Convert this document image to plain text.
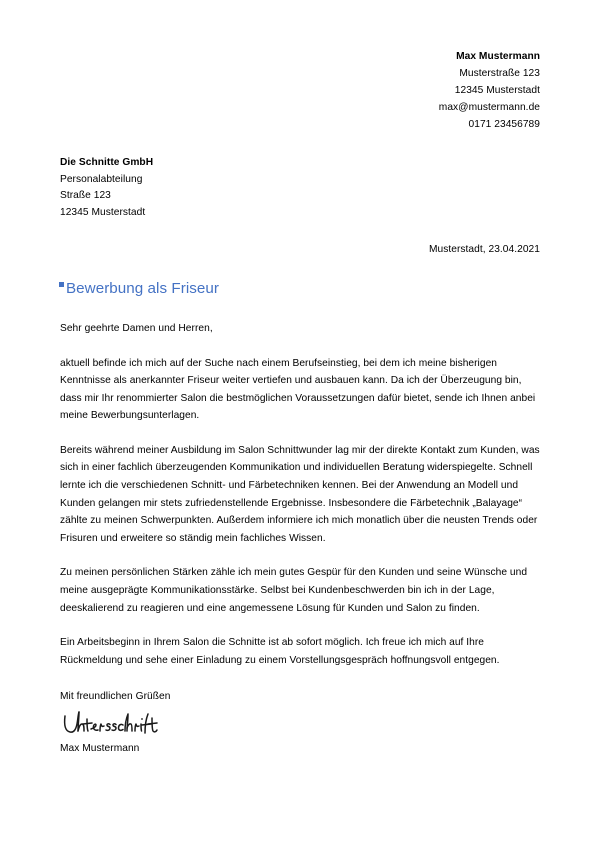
Max Mustermann
Musterstraße 123
12345 Musterstadt
max@mustermann.de
0171 23456789
Die Schnitte GmbH
Personalabteilung
Straße 123
12345 Musterstadt
Musterstadt, 23.04.2021
Bewerbung als Friseur
Sehr geehrte Damen und Herren,

aktuell befinde ich mich auf der Suche nach einem Berufseinstieg, bei dem ich meine bisherigen Kenntnisse als anerkannter Friseur weiter vertiefen und ausbauen kann. Da ich der Überzeugung bin, dass mir Ihr renommierter Salon die bestmöglichen Voraussetzungen dafür bietet, sende ich Ihnen anbei meine Bewerbungsunterlagen.

Bereits während meiner Ausbildung im Salon Schnittwunder lag mir der direkte Kontakt zum Kunden, was sich in einer fachlich überzeugenden Kommunikation und individuellen Beratung widerspiegelte. Schnell lernte ich die verschiedenen Schnitt- und Färbetechniken kennen. Bei der Anwendung an Modell und Kunden gelangen mir stets zufriedenstellende Ergebnisse. Insbesondere die Färbetechnik „Balayage“ zählte zu meinen Schwerpunkten. Außerdem informiere ich mich monatlich über die neusten Trends oder Frisuren und erweitere so ständig mein fachliches Wissen.

Zu meinen persönlichen Stärken zähle ich mein gutes Gespür für den Kunden und seine Wünsche und meine ausgeprägte Kommunikationsstärke. Selbst bei Kundenbeschwerden bin ich in der Lage, deeskalierend zu reagieren und eine angemessene Lösung für Kunden und Salon zu finden.

Ein Arbeitsbeginn in Ihrem Salon die Schnitte ist ab sofort möglich. Ich freue ich mich auf Ihre Rückmeldung und sehe einer Einladung zu einem Vorstellungsgespräch hoffnungsvoll entgegen.

Mit freundlichen Grüßen
Max Mustermann
